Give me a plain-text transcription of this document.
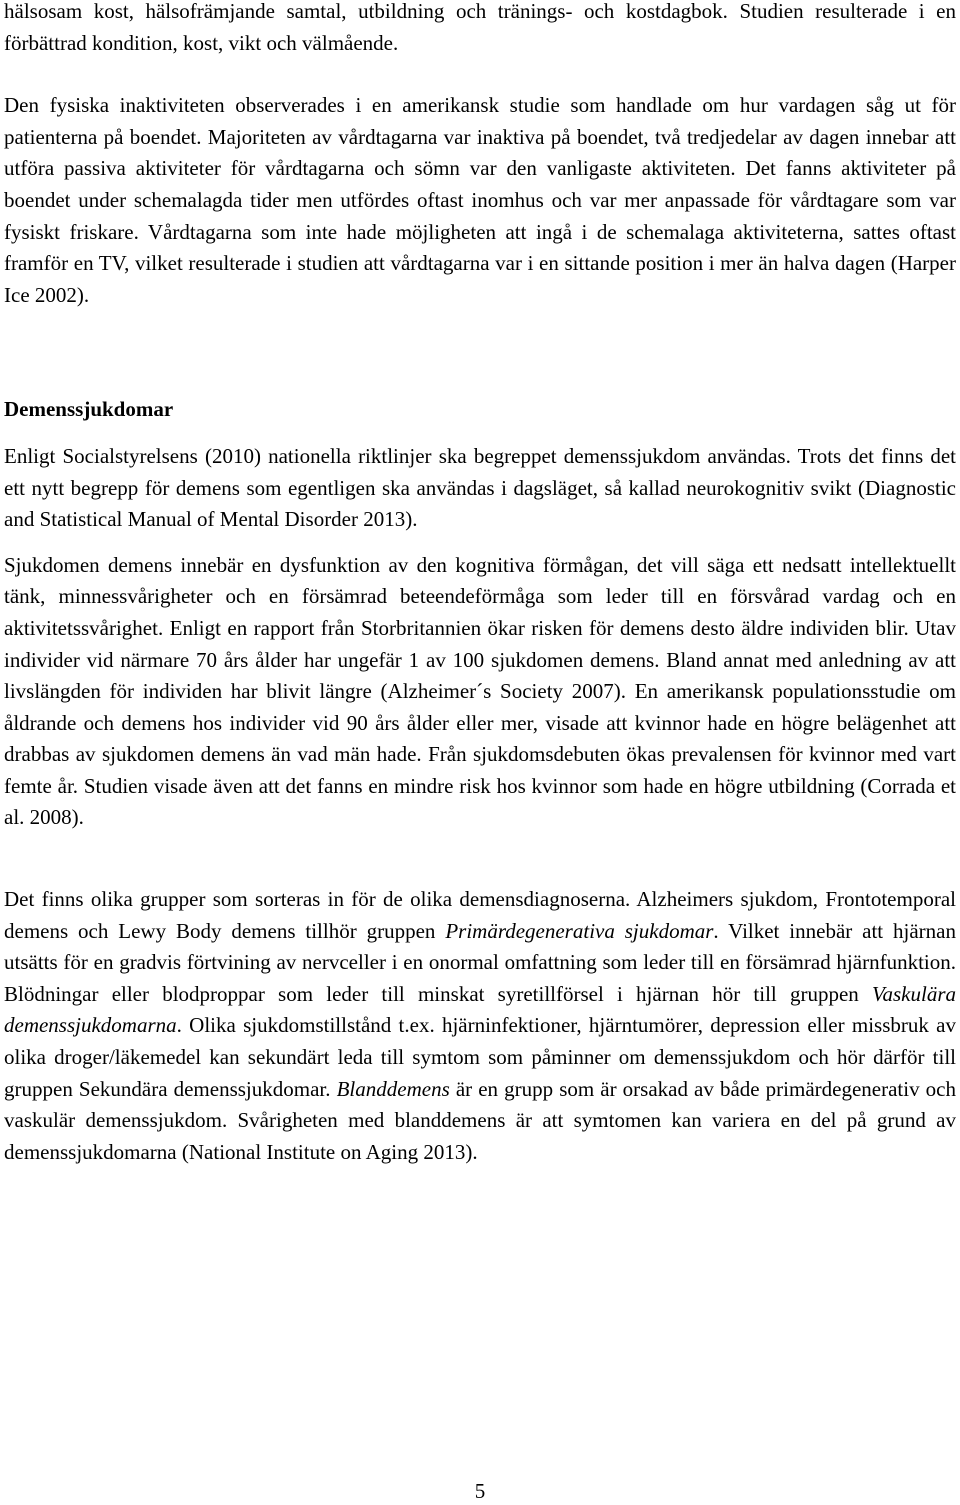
hälsosam kost, hälsofrämjande samtal, utbildning och tränings- och kostdagbok. Studien resulterade i en förbättrad kondition, kost, vikt och välmående.

Den fysiska inaktiviteten observerades i en amerikansk studie som handlade om hur vardagen såg ut för patienterna på boendet. Majoriteten av vårdtagarna var inaktiva på boendet, två tredjedelar av dagen innebar att utföra passiva aktiviteter för vårdtagarna och sömn var den vanligaste aktiviteten. Det fanns aktiviteter på boendet under schemalagda tider men utfördes oftast inomhus och var mer anpassade för vårdtagare som var fysiskt friskare. Vårdtagarna som inte hade möjligheten att ingå i de schemalaga aktiviteterna, sattes oftast framför en TV, vilket resulterade i studien att vårdtagarna var i en sittande position i mer än halva dagen (Harper Ice 2002).

Demenssjukdomar

Enligt Socialstyrelsens (2010) nationella riktlinjer ska begreppet demenssjukdom användas. Trots det finns det ett nytt begrepp för demens som egentligen ska användas i dagsläget, så kallad neurokognitiv svikt (Diagnostic and Statistical Manual of Mental Disorder 2013).

Sjukdomen demens innebär en dysfunktion av den kognitiva förmågan, det vill säga ett nedsatt intellektuellt tänk, minnessvårigheter och en försämrad beteendeförmåga som leder till en försvårad vardag och en aktivitetssvårighet. Enligt en rapport från Storbritannien ökar risken för demens desto äldre individen blir. Utav individer vid närmare 70 års ålder har ungefär 1 av 100 sjukdomen demens. Bland annat med anledning av att livslängden för individen har blivit längre (Alzheimer´s Society 2007). En amerikansk populationsstudie om åldrande och demens hos individer vid 90 års ålder eller mer, visade att kvinnor hade en högre belägenhet att drabbas av sjukdomen demens än vad män hade. Från sjukdomsdebuten ökas prevalensen för kvinnor med vart femte år. Studien visade även att det fanns en mindre risk hos kvinnor som hade en högre utbildning (Corrada et al. 2008).

Det finns olika grupper som sorteras in för de olika demensdiagnoserna. Alzheimers sjukdom, Frontotemporal demens och Lewy Body demens tillhör gruppen Primärdegenerativa sjukdomar. Vilket innebär att hjärnan utsätts för en gradvis förtvining av nervceller i en onormal omfattning som leder till en försämrad hjärnfunktion. Blödningar eller blodproppar som leder till minskat syretillförsel i hjärnan hör till gruppen Vaskulära demenssjukdomarna. Olika sjukdomstillstånd t.ex. hjärninfektioner, hjärntumörer, depression eller missbruk av olika droger/läkemedel kan sekundärt leda till symtom som påminner om demenssjukdom och hör därför till gruppen Sekundära demenssjukdomar. Blanddemens är en grupp som är orsakad av både primärdegenerativ och vaskulär demenssjukdom. Svårigheten med blanddemens är att symtomen kan variera en del på grund av demenssjukdomarna (National Institute on Aging 2013).

5
